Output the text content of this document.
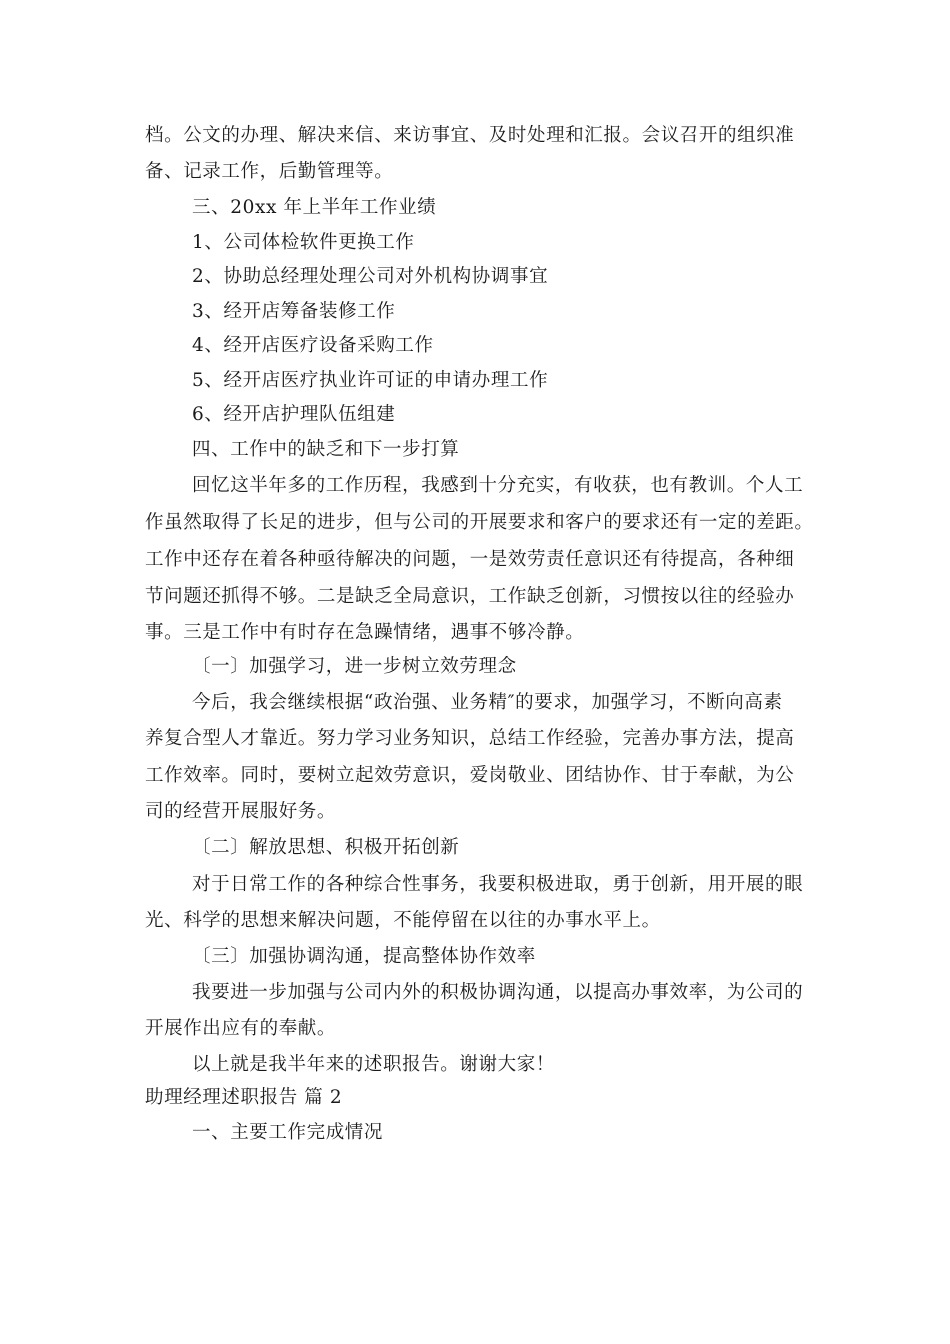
档。公文的办理、解决来信、来访事宜、及时处理和汇报。会议召开的组织准
备、记录工作，后勤管理等。
三、20xx 年上半年工作业绩
1、公司体检软件更换工作
2、协助总经理处理公司对外机构协调事宜
3、经开店筹备装修工作
4、经开店医疗设备采购工作
5、经开店医疗执业许可证的申请办理工作
6、经开店护理队伍组建
四、工作中的缺乏和下一步打算
回忆这半年多的工作历程，我感到十分充实，有收获，也有教训。个人工
作虽然取得了长足的进步，但与公司的开展要求和客户的要求还有一定的差距。
工作中还存在着各种亟待解决的问题，一是效劳责任意识还有待提高，各种细
节问题还抓得不够。二是缺乏全局意识，工作缺乏创新，习惯按以往的经验办
事。三是工作中有时存在急躁情绪，遇事不够冷静。
〔一〕加强学习，进一步树立效劳理念
今后，我会继续根据“政治强、业务精″的要求，加强学习，不断向高素
养复合型人才靠近。努力学习业务知识，总结工作经验，完善办事方法，提高
工作效率。同时，要树立起效劳意识，爱岗敬业、团结协作、甘于奉献，为公
司的经营开展服好务。
〔二〕解放思想、积极开拓创新
对于日常工作的各种综合性事务，我要积极进取，勇于创新，用开展的眼
光、科学的思想来解决问题，不能停留在以往的办事水平上。
〔三〕加强协调沟通，提高整体协作效率
我要进一步加强与公司内外的积极协调沟通，以提高办事效率，为公司的
开展作出应有的奉献。
以上就是我半年来的述职报告。谢谢大家！
助理经理述职报告 篇 2
一、主要工作完成情况
